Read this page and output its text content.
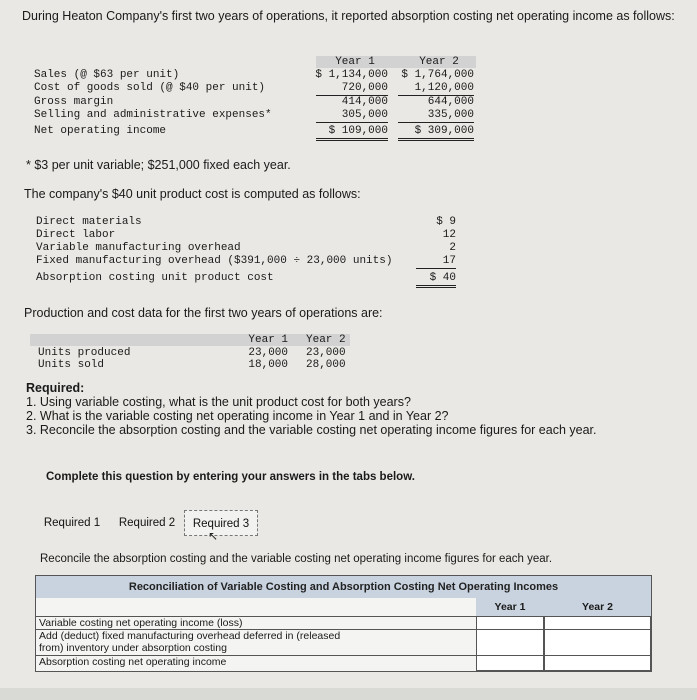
During Heaton Company's first two years of operations, it reported absorption costing net operating income as follows:
Year 1	Year 2
Sales (@ $63 per unit)	$ 1,134,000	$ 1,764,000
Cost of goods sold (@ $40 per unit)	720,000	1,120,000
Gross margin	414,000	644,000
Selling and administrative expenses*	305,000	335,000
Net operating income	$ 109,000	$ 309,000
* $3 per unit variable; $251,000 fixed each year.
The company's $40 unit product cost is computed as follows:
Direct materials	$ 9
Direct labor	12
Variable manufacturing overhead	2
Fixed manufacturing overhead ($391,000 ÷ 23,000 units)	17
Absorption costing unit product cost	$ 40
Production and cost data for the first two years of operations are:
Year 1 Year 2
Units produced	23,000 23,000
Units sold	18,000 28,000
Required:
1. Using variable costing, what is the unit product cost for both years?
2. What is the variable costing net operating income in Year 1 and in Year 2?
3. Reconcile the absorption costing and the variable costing net operating income figures for each year.
Complete this question by entering your answers in the tabs below.
Required 1	Required 2	Required 3
↖
Reconcile the absorption costing and the variable costing net operating income figures for each year.
Reconciliation of Variable Costing and Absorption Costing Net Operating Incomes
Year 1	Year 2
Variable costing net operating income (loss)
Add (deduct) fixed manufacturing overhead deferred in (released from) inventory under absorption costing
Absorption costing net operating income
